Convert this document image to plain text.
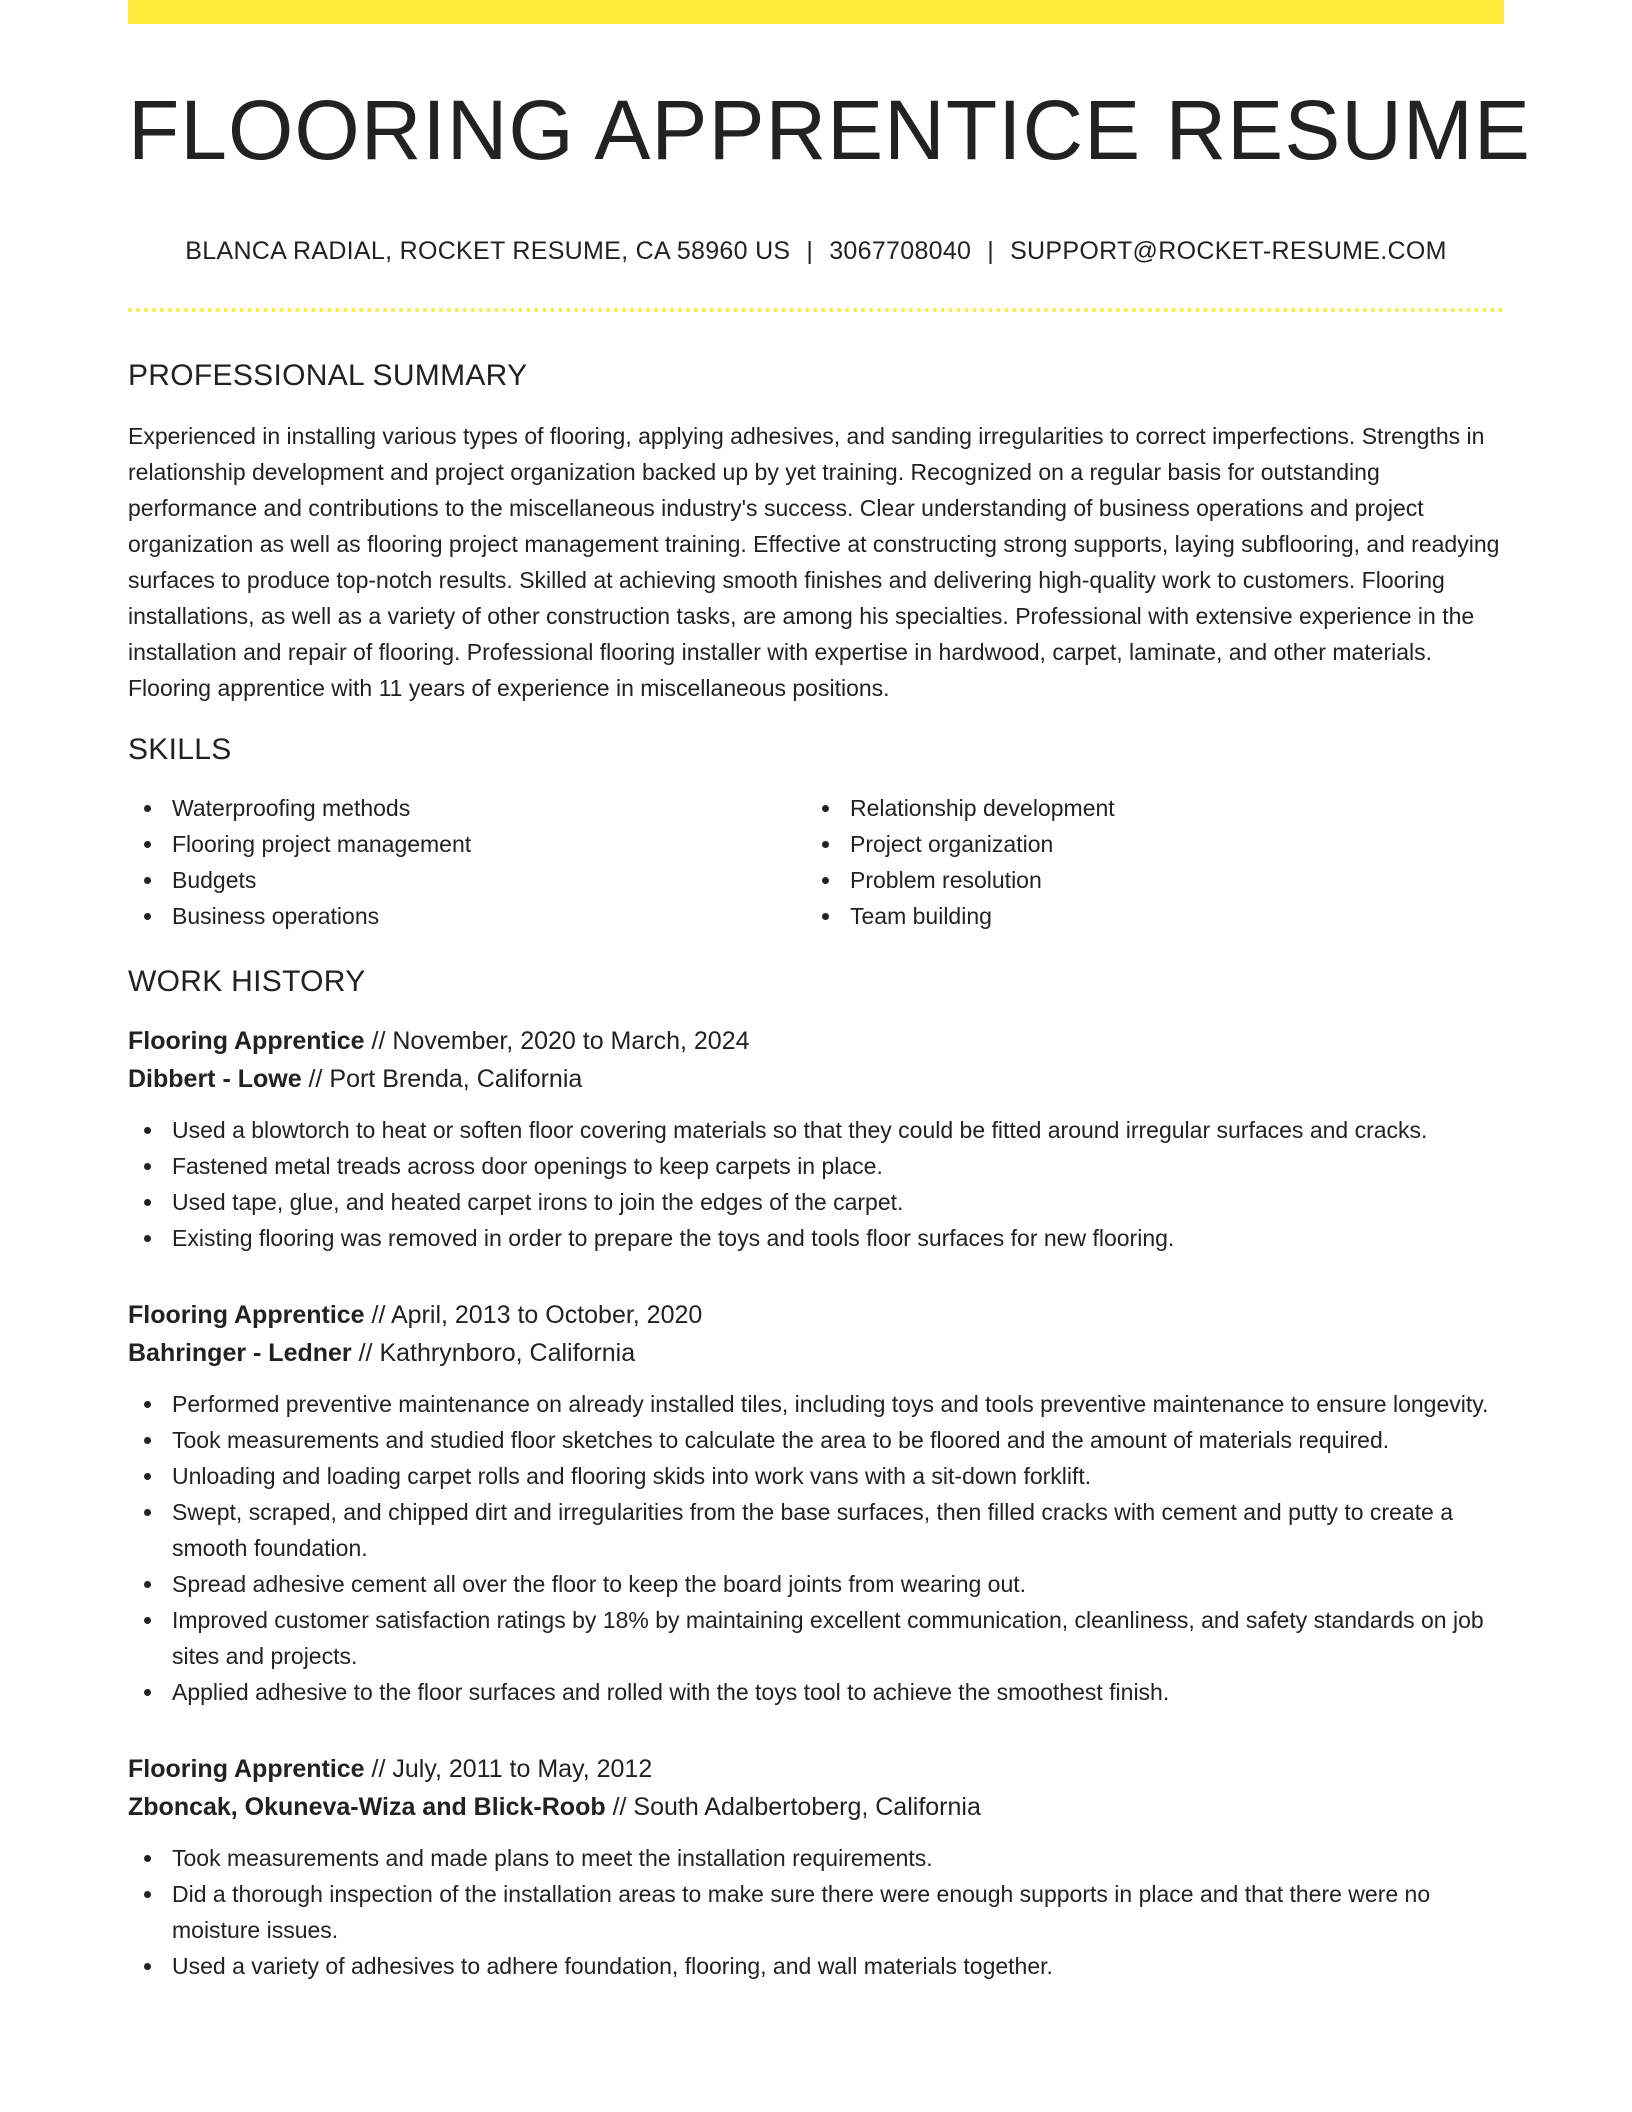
FLOORING APPRENTICE RESUME
BLANCA RADIAL, ROCKET RESUME, CA 58960 US | 3067708040 | SUPPORT@ROCKET-RESUME.COM
PROFESSIONAL SUMMARY

Experienced in installing various types of flooring, applying adhesives, and sanding irregularities to correct imperfections. Strengths in relationship development and project organization backed up by yet training. Recognized on a regular basis for outstanding performance and contributions to the miscellaneous industry's success. Clear understanding of business operations and project organization as well as flooring project management training. Effective at constructing strong supports, laying subflooring, and readying surfaces to produce top-notch results. Skilled at achieving smooth finishes and delivering high-quality work to customers. Flooring installations, as well as a variety of other construction tasks, are among his specialties. Professional with extensive experience in the installation and repair of flooring. Professional flooring installer with expertise in hardwood, carpet, laminate, and other materials. Flooring apprentice with 11 years of experience in miscellaneous positions.

SKILLS
Waterproofing methods
Flooring project management
Budgets
Business operations
Relationship development
Project organization
Problem resolution
Team building
WORK HISTORY
Flooring Apprentice // November, 2020 to March, 2024
Dibbert - Lowe // Port Brenda, California
Used a blowtorch to heat or soften floor covering materials so that they could be fitted around irregular surfaces and cracks.
Fastened metal treads across door openings to keep carpets in place.
Used tape, glue, and heated carpet irons to join the edges of the carpet.
Existing flooring was removed in order to prepare the toys and tools floor surfaces for new flooring.
Flooring Apprentice // April, 2013 to October, 2020
Bahringer - Ledner // Kathrynboro, California
Performed preventive maintenance on already installed tiles, including toys and tools preventive maintenance to ensure longevity.
Took measurements and studied floor sketches to calculate the area to be floored and the amount of materials required.
Unloading and loading carpet rolls and flooring skids into work vans with a sit-down forklift.
Swept, scraped, and chipped dirt and irregularities from the base surfaces, then filled cracks with cement and putty to create a smooth foundation.
Spread adhesive cement all over the floor to keep the board joints from wearing out.
Improved customer satisfaction ratings by 18% by maintaining excellent communication, cleanliness, and safety standards on job sites and projects.
Applied adhesive to the floor surfaces and rolled with the toys tool to achieve the smoothest finish.
Flooring Apprentice // July, 2011 to May, 2012
Zboncak, Okuneva-Wiza and Blick-Roob // South Adalbertoberg, California
Took measurements and made plans to meet the installation requirements.
Did a thorough inspection of the installation areas to make sure there were enough supports in place and that there were no moisture issues.
Used a variety of adhesives to adhere foundation, flooring, and wall materials together.
